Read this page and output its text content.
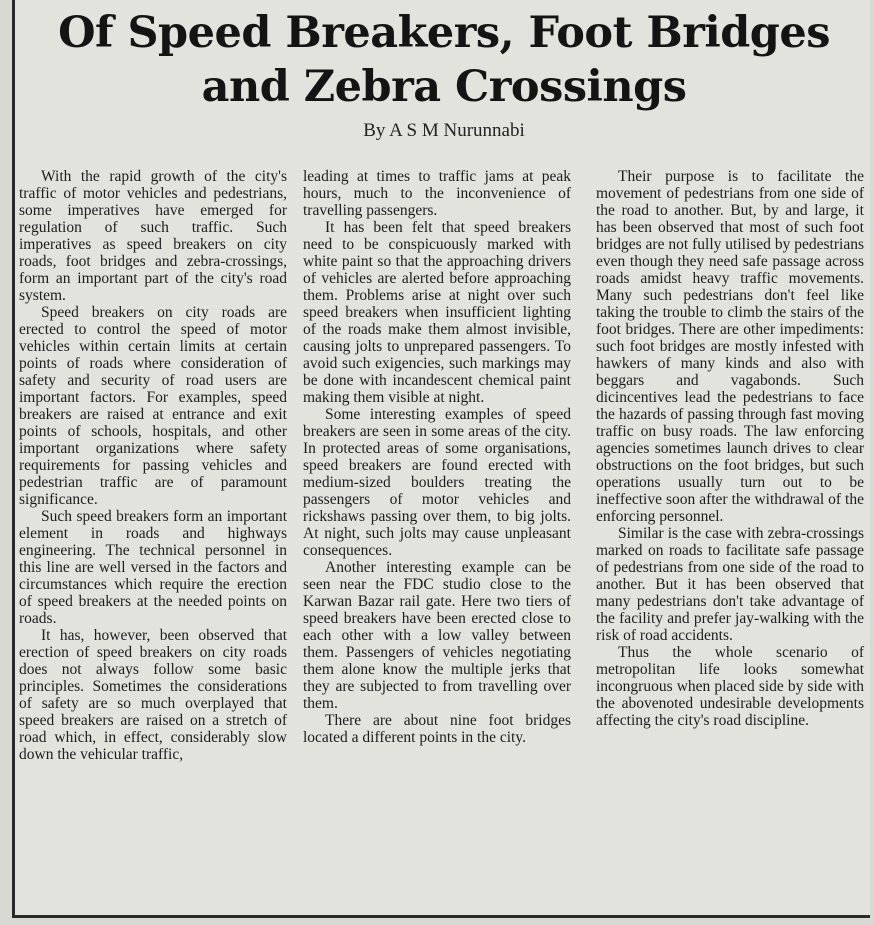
Of Speed Breakers, Foot Bridges
and Zebra Crossings
By A S M Nurunnabi

With the rapid growth of the city's traffic of motor vehicles and pedestrians, some imperatives have emerged for regulation of such traffic. Such imperatives as speed breakers on city roads, foot bridges and zebra-crossings, form an important part of the city's road system.

Speed breakers on city roads are erected to control the speed of motor vehicles within certain limits at certain points of roads where consideration of safety and security of road users are important factors. For examples, speed breakers are raised at entrance and exit points of schools, hospitals, and other important organizations where safety requirements for passing vehicles and pedestrian traffic are of paramount significance.

Such speed breakers form an important element in roads and highways engineering. The technical personnel in this line are well versed in the factors and circumstances which require the erection of speed breakers at the needed points on roads.

It has, however, been observed that erection of speed breakers on city roads does not always follow some basic principles. Sometimes the considerations of safety are so much overplayed that speed breakers are raised on a stretch of road which, in effect, considerably slow down the vehicular traffic,

leading at times to traffic jams at peak hours, much to the inconvenience of travelling passengers.

It has been felt that speed breakers need to be conspicuously marked with white paint so that the approaching drivers of vehicles are alerted before approaching them. Problems arise at night over such speed breakers when insufficient lighting of the roads make them almost invisible, causing jolts to unprepared passengers. To avoid such exigencies, such markings may be done with incandescent chemical paint making them visible at night.

Some interesting examples of speed breakers are seen in some areas of the city. In protected areas of some organisations, speed breakers are found erected with medium-sized boulders treating the passengers of motor vehicles and rickshaws passing over them, to big jolts. At night, such jolts may cause unpleasant consequences.

Another interesting example can be seen near the FDC studio close to the Karwan Bazar rail gate. Here two tiers of speed breakers have been erected close to each other with a low valley between them. Passengers of vehicles negotiating them alone know the multiple jerks that they are subjected to from travelling over them.

There are about nine foot bridges located a different points in the city.

Their purpose is to facilitate the movement of pedestrians from one side of the road to another. But, by and large, it has been observed that most of such foot bridges are not fully utilised by pedestrians even though they need safe passage across roads amidst heavy traffic movements. Many such pedestrians don't feel like taking the trouble to climb the stairs of the foot bridges. There are other impediments: such foot bridges are mostly infested with hawkers of many kinds and also with beggars and vagabonds. Such dicincentives lead the pedestrians to face the hazards of passing through fast moving traffic on busy roads. The law enforcing agencies sometimes launch drives to clear obstructions on the foot bridges, but such operations usually turn out to be ineffective soon after the withdrawal of the enforcing personnel.

Similar is the case with zebra-crossings marked on roads to facilitate safe passage of pedestrians from one side of the road to another. But it has been observed that many pedestrians don't take advantage of the facility and prefer jay-walking with the risk of road accidents.

Thus the whole scenario of metropolitan life looks somewhat incongruous when placed side by side with the abovenoted undesirable developments affecting the city's road discipline.
